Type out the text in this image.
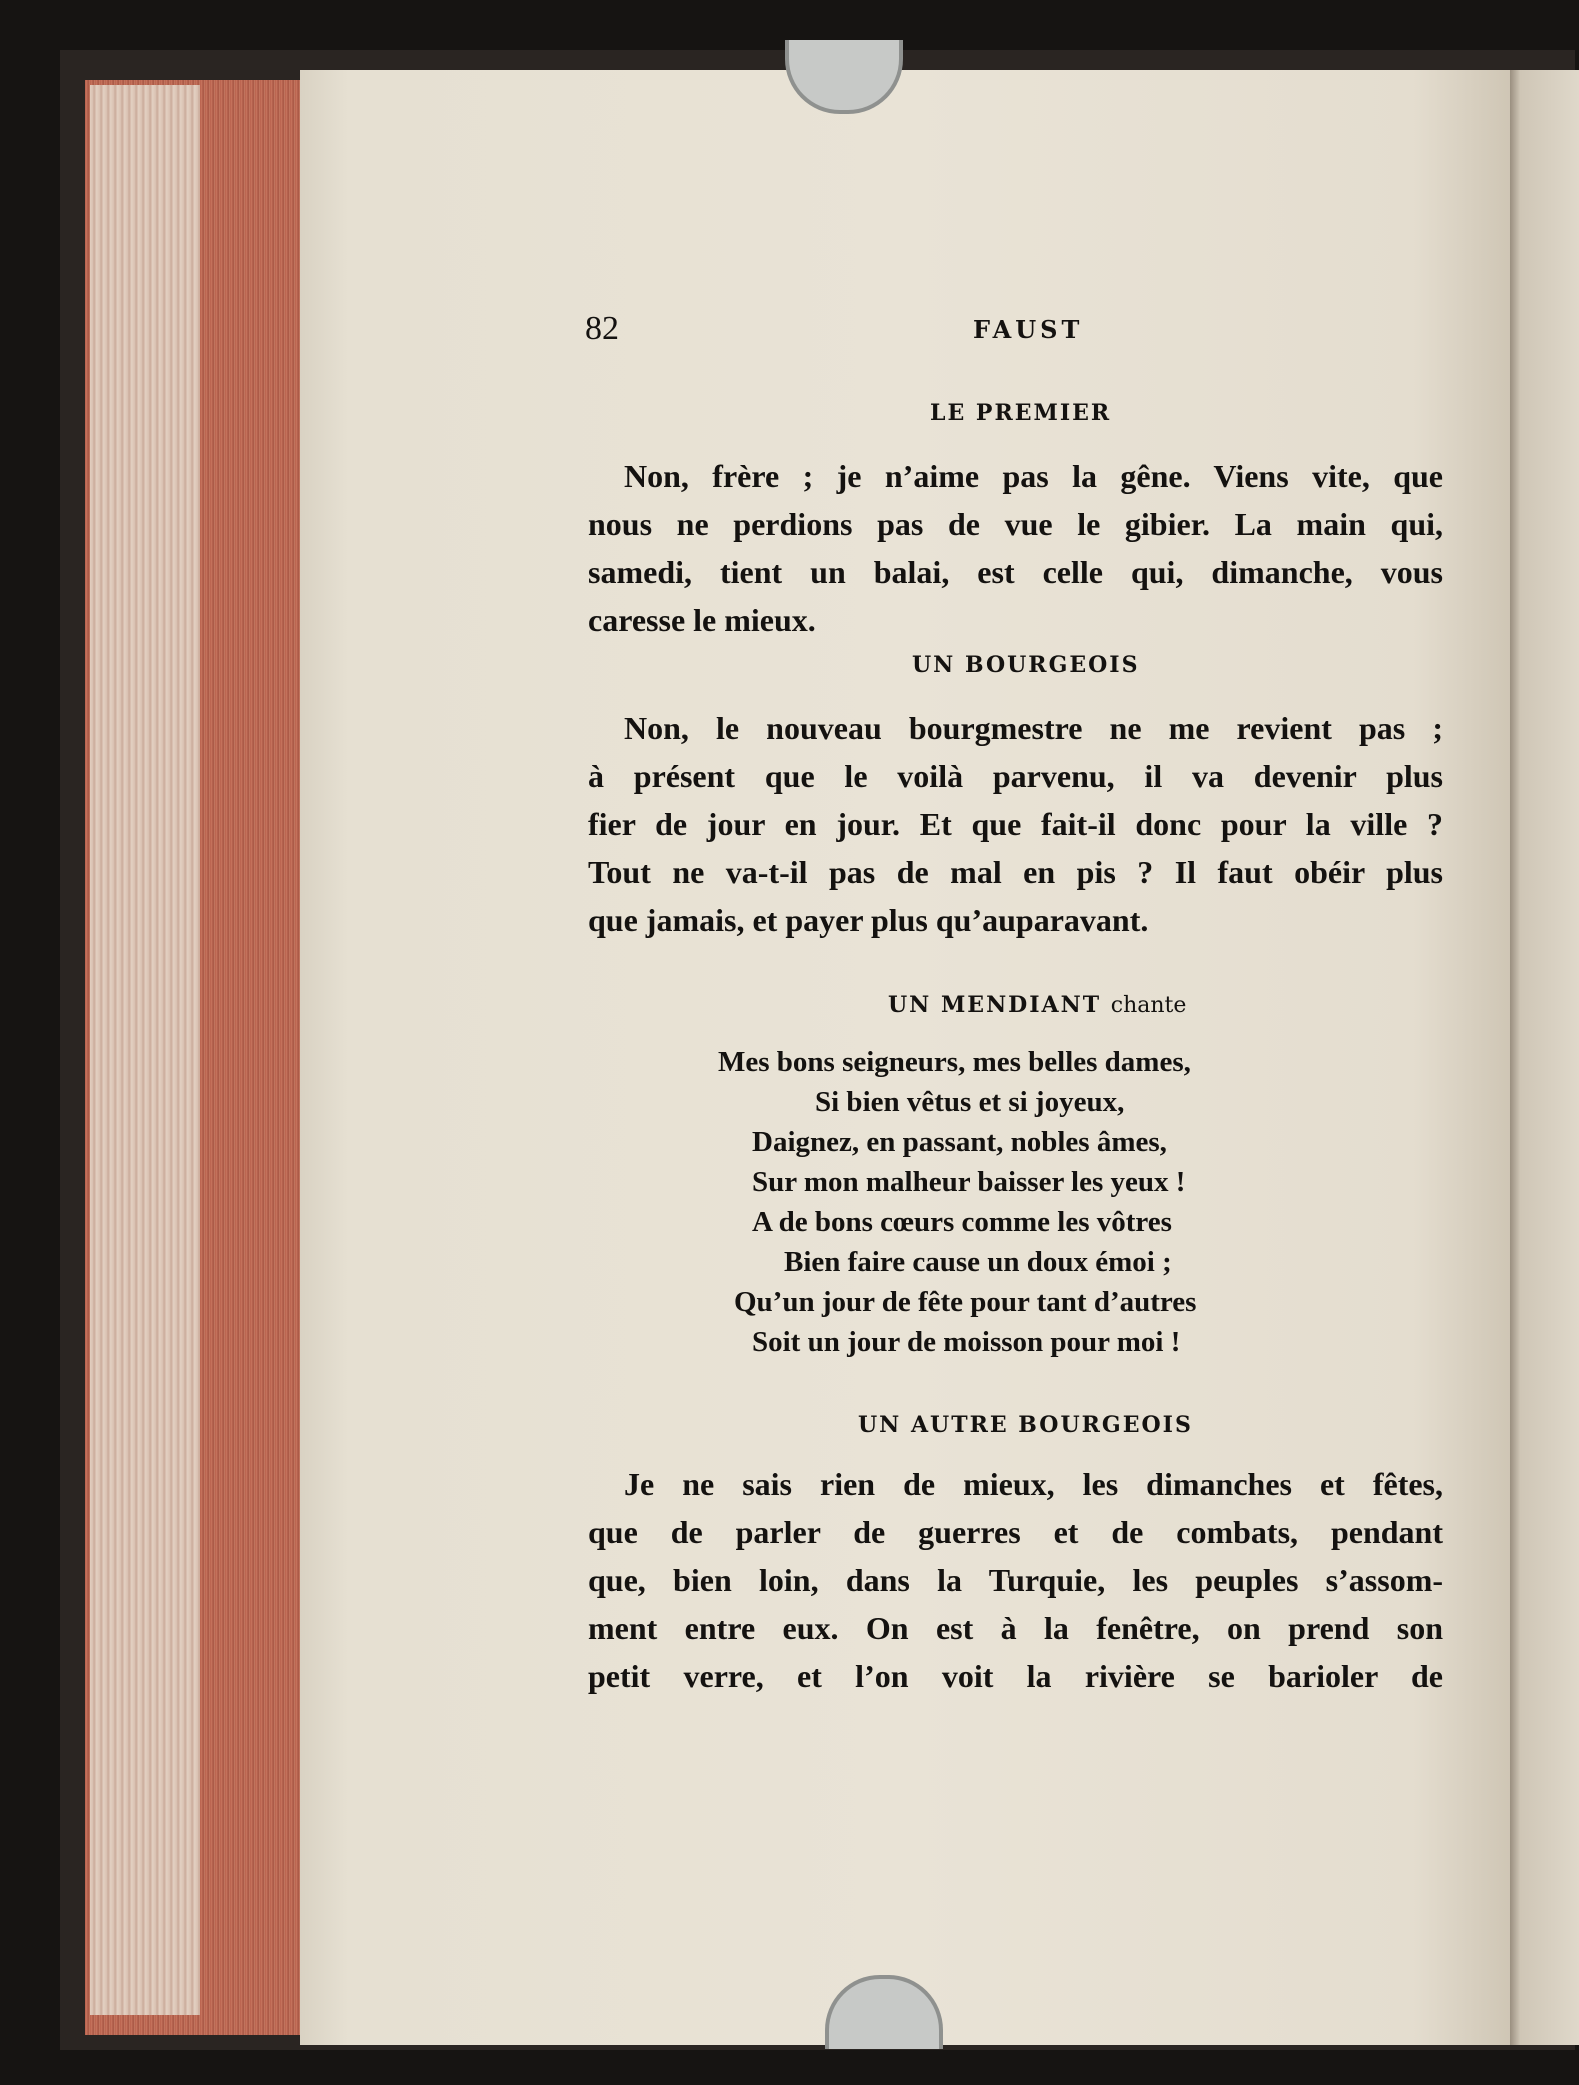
82	FAUST
LE PREMIER
Non, frère ; je n’aime pas la gêne. Viens vite, que
nous ne perdions pas de vue le gibier. La main qui,
samedi, tient un balai, est celle qui, dimanche, vous
caresse le mieux.
UN BOURGEOIS
Non, le nouveau bourgmestre ne me revient pas ;
à présent que le voilà parvenu, il va devenir plus
fier de jour en jour. Et que fait-il donc pour la ville ?
Tout ne va-t-il pas de mal en pis ? Il faut obéir plus
que jamais, et payer plus qu’auparavant.
UN MENDIANT chante
Mes bons seigneurs, mes belles dames,
Si bien vêtus et si joyeux,
Daignez, en passant, nobles âmes,
Sur mon malheur baisser les yeux !
A de bons cœurs comme les vôtres
Bien faire cause un doux émoi ;
Qu’un jour de fête pour tant d’autres
Soit un jour de moisson pour moi !
UN AUTRE BOURGEOIS
Je ne sais rien de mieux, les dimanches et fêtes,
que de parler de guerres et de combats, pendant
que, bien loin, dans la Turquie, les peuples s’assom-
ment entre eux. On est à la fenêtre, on prend son
petit verre, et l’on voit la rivière se barioler de
